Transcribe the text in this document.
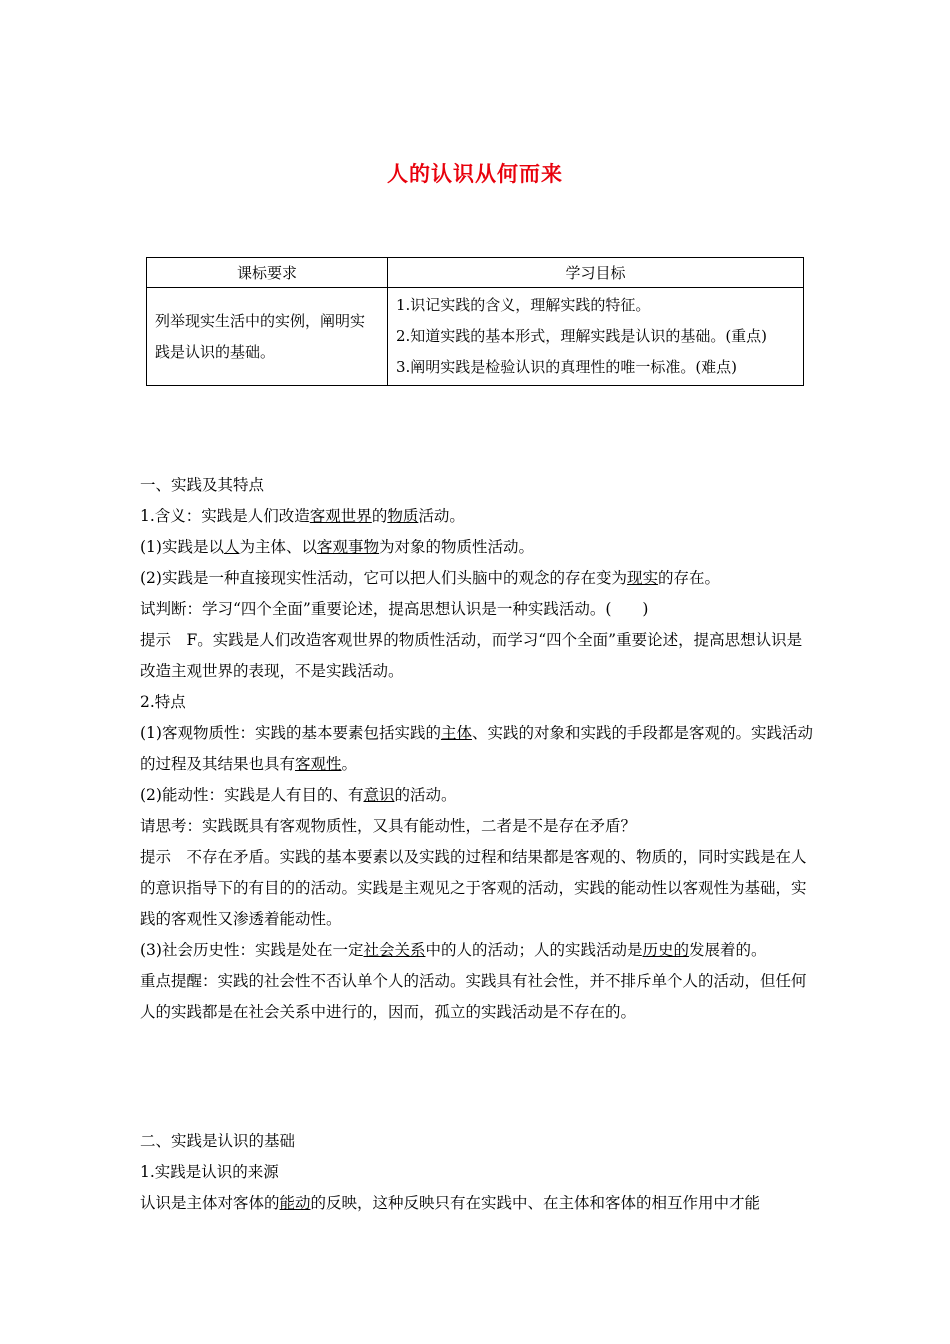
人的认识从何而来
课标要求	学习目标
列举现实生活中的实例，阐明实践是认识的基础。	1.识记实践的含义，理解实践的特征。
2.知道实践的基本形式，理解实践是认识的基础。(重点)
3.阐明实践是检验认识的真理性的唯一标准。(难点)

一、实践及其特点

1.含义：实践是人们改造客观世界的物质活动。

(1)实践是以人为主体、以客观事物为对象的物质性活动。

(2)实践是一种直接现实性活动，它可以把人们头脑中的观念的存在变为现实的存在。

试判断：学习“四个全面”重要论述，提高思想认识是一种实践活动。(　　)

提示　F。实践是人们改造客观世界的物质性活动，而学习“四个全面”重要论述，提高思想认识是改造主观世界的表现，不是实践活动。

2.特点

(1)客观物质性：实践的基本要素包括实践的主体、实践的对象和实践的手段都是客观的。实践活动的过程及其结果也具有客观性。

(2)能动性：实践是人有目的、有意识的活动。

请思考：实践既具有客观物质性，又具有能动性，二者是不是存在矛盾？

提示　不存在矛盾。实践的基本要素以及实践的过程和结果都是客观的、物质的，同时实践是在人的意识指导下的有目的的活动。实践是主观见之于客观的活动，实践的能动性以客观性为基础，实践的客观性又渗透着能动性。

(3)社会历史性：实践是处在一定社会关系中的人的活动；人的实践活动是历史的发展着的。

重点提醒：实践的社会性不否认单个人的活动。实践具有社会性，并不排斥单个人的活动，但任何人的实践都是在社会关系中进行的，因而，孤立的实践活动是不存在的。

二、实践是认识的基础

1.实践是认识的来源

认识是主体对客体的能动的反映，这种反映只有在实践中、在主体和客体的相互作用中才能
